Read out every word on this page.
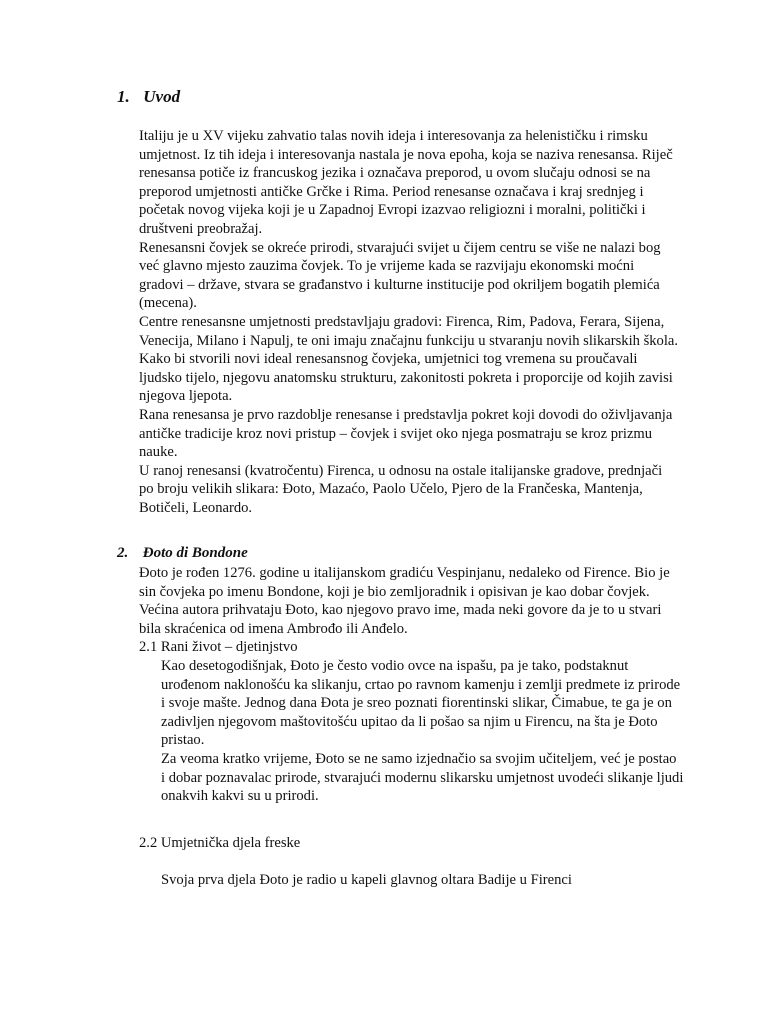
1. Uvod

Italiju je u XV vijeku zahvatio talas novih ideja i interesovanja za helenističku i rimsku umjetnost. Iz tih ideja i interesovanja nastala je nova epoha, koja se naziva renesansa. Riječ renesansa potiče iz francuskog jezika i označava preporod, u ovom slučaju odnosi se na preporod umjetnosti antičke Grčke i Rima. Period renesanse označava i kraj srednjeg i početak novog vijeka koji je u Zapadnoj Evropi izazvao religiozni i moralni, politički i društveni preobražaj.

Renesansni čovjek se okreće prirodi, stvarajući svijet u čijem centru se više ne nalazi bog već glavno mjesto zauzima čovjek. To je vrijeme kada se razvijaju ekonomski moćni gradovi – države, stvara se građanstvo i kulturne institucije pod okriljem bogatih plemića (mecena).

Centre renesansne umjetnosti predstavljaju gradovi: Firenca, Rim, Padova, Ferara, Sijena, Venecija, Milano i Napulj, te oni imaju značajnu funkciju u stvaranju novih slikarskih škola.

Kako bi stvorili novi ideal renesansnog čovjeka, umjetnici tog vremena su proučavali ljudsko tijelo, njegovu anatomsku strukturu, zakonitosti pokreta i proporcije od kojih zavisi njegova ljepota.

Rana renesansa je prvo razdoblje renesanse i predstavlja pokret koji dovodi do oživljavanja antičke tradicije kroz novi pristup – čovjek i svijet oko njega posmatraju se kroz prizmu nauke.

U ranoj renesansi (kvatročentu) Firenca, u odnosu na ostale italijanske gradove, prednjači po broju velikih slikara: Đoto, Mazaćo, Paolo Učelo, Pjero de la Frančeska, Mantenja, Botičeli, Leonardo.

2. Đoto di Bondone

Đoto je rođen 1276. godine u italijanskom gradiću Vespinjanu, nedaleko od Firence. Bio je sin čovjeka po imenu Bondone, koji je bio zemljoradnik i opisivan je kao dobar čovjek.

Većina autora prihvataju Đoto, kao njegovo pravo ime, mada neki govore da je to u stvari bila skraćenica od imena Ambrođo ili Anđelo.

2.1 Rani život – djetinjstvo

Kao desetogodišnjak, Đoto je često vodio ovce na ispašu, pa je tako, podstaknut urođenom naklonošću ka slikanju, crtao po ravnom kamenju i zemlji predmete iz prirode i svoje mašte. Jednog dana Đota je sreo poznati fiorentinski slikar, Čimabue, te ga je on zadivljen njegovom maštovitošću upitao da li pošao sa njim u Firencu, na šta je Đoto pristao.

Za veoma kratko vrijeme, Đoto se ne samo izjednačio sa svojim učiteljem, već je postao i dobar poznavalac prirode, stvarajući modernu slikarsku umjetnost uvodeći slikanje ljudi onakvih kakvi su u prirodi.

2.2 Umjetnička djela freske

Svoja prva djela Đoto je radio u kapeli glavnog oltara Badije u Firenci
